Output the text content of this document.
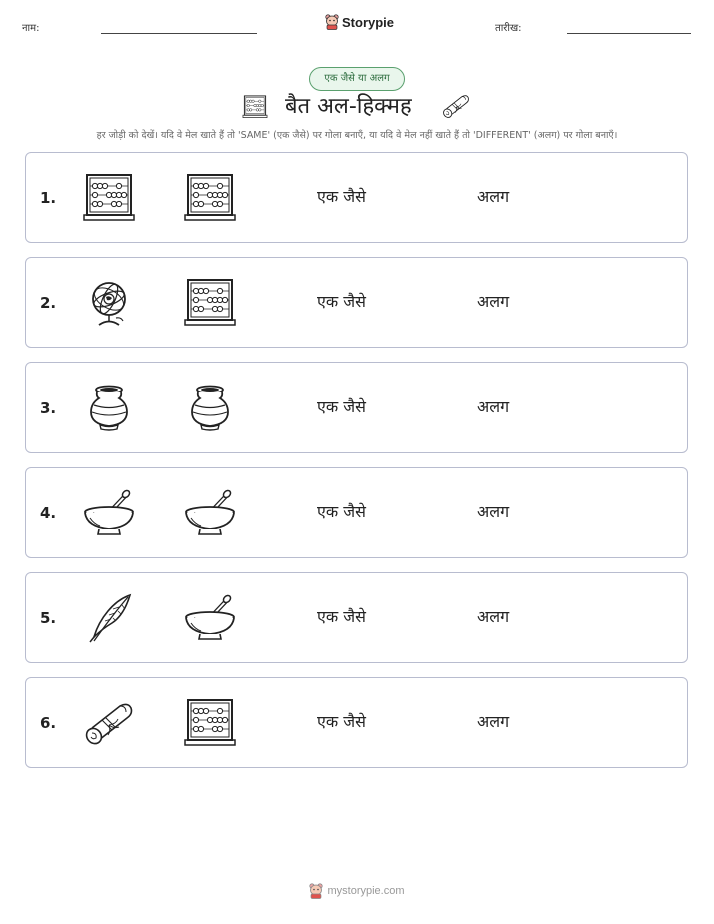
नाम:	Storypie	तारीख:
एक जैसे या अलग
बैत अल-हिक्मह
हर जोड़ी को देखें। यदि वे मेल खाते हैं तो 'SAME' (एक जैसे) पर गोला बनाएँ, या यदि वे मेल नहीं खाते हैं तो 'DIFFERENT' (अलग) पर गोला बनाएँ।
1.	एक जैसे	अलग
2.	एक जैसे	अलग
3.	एक जैसे	अलग
4.	एक जैसे	अलग
5.	एक जैसे	अलग
6.	एक जैसे	अलग
mystorypie.com
